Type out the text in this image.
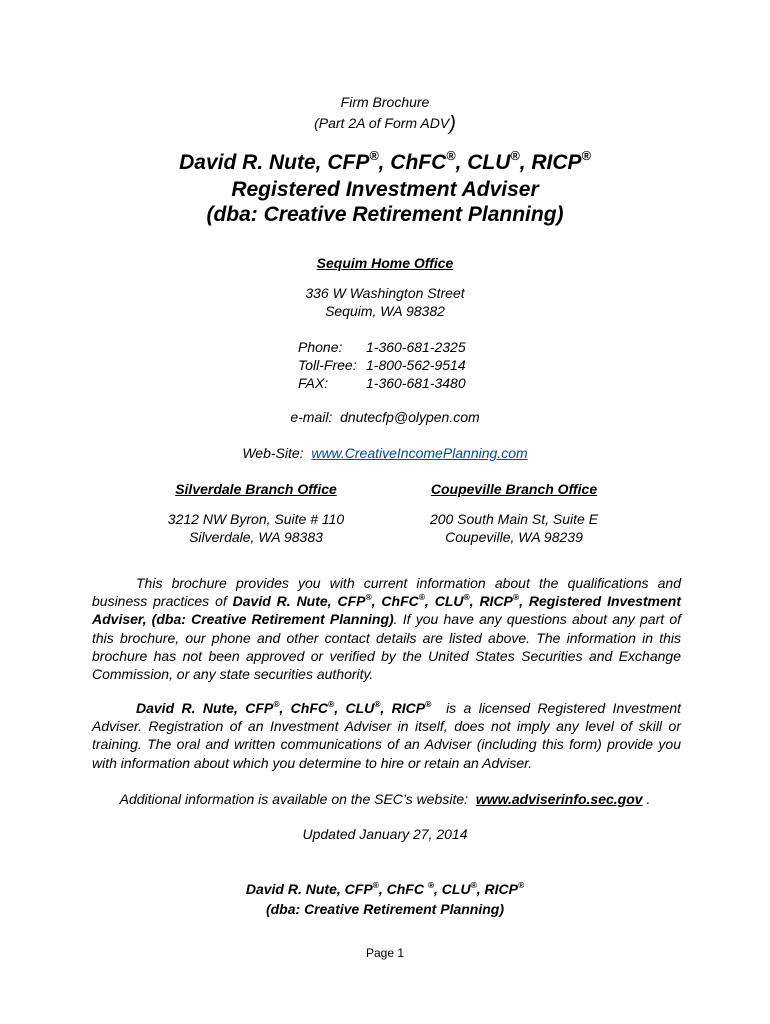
Firm Brochure
(Part 2A of Form ADV)
David R. Nute, CFP®, ChFC®, CLU®, RICP®
Registered Investment Adviser
(dba: Creative Retirement Planning)
Sequim Home Office
336 W Washington Street
Sequim, WA 98382
Phone:	1-360-681-2325
Toll-Free: 1-800-562-9514
FAX:	1-360-681-3480
e-mail: dnutecfp@olypen.com
Web-Site: www.CreativeIncomePlanning.com
Silverdale Branch Office
3212 NW Byron, Suite # 110
Silverdale, WA 98383
Coupeville Branch Office
200 South Main St, Suite E
Coupeville, WA 98239
This brochure provides you with current information about the qualifications and business practices of David R. Nute, CFP®, ChFC®, CLU®, RICP®, Registered Investment Adviser, (dba: Creative Retirement Planning). If you have any questions about any part of this brochure, our phone and other contact details are listed above. The information in this brochure has not been approved or verified by the United States Securities and Exchange Commission, or any state securities authority.
David R. Nute, CFP®, ChFC®, CLU®, RICP® is a licensed Registered Investment Adviser. Registration of an Investment Adviser in itself, does not imply any level of skill or training. The oral and written communications of an Adviser (including this form) provide you with information about which you determine to hire or retain an Adviser.
Additional information is available on the SEC’s website: www.adviserinfo.sec.gov .
Updated January 27, 2014
David R. Nute, CFP®, ChFC ®, CLU®, RICP®
(dba: Creative Retirement Planning)
Page 1
